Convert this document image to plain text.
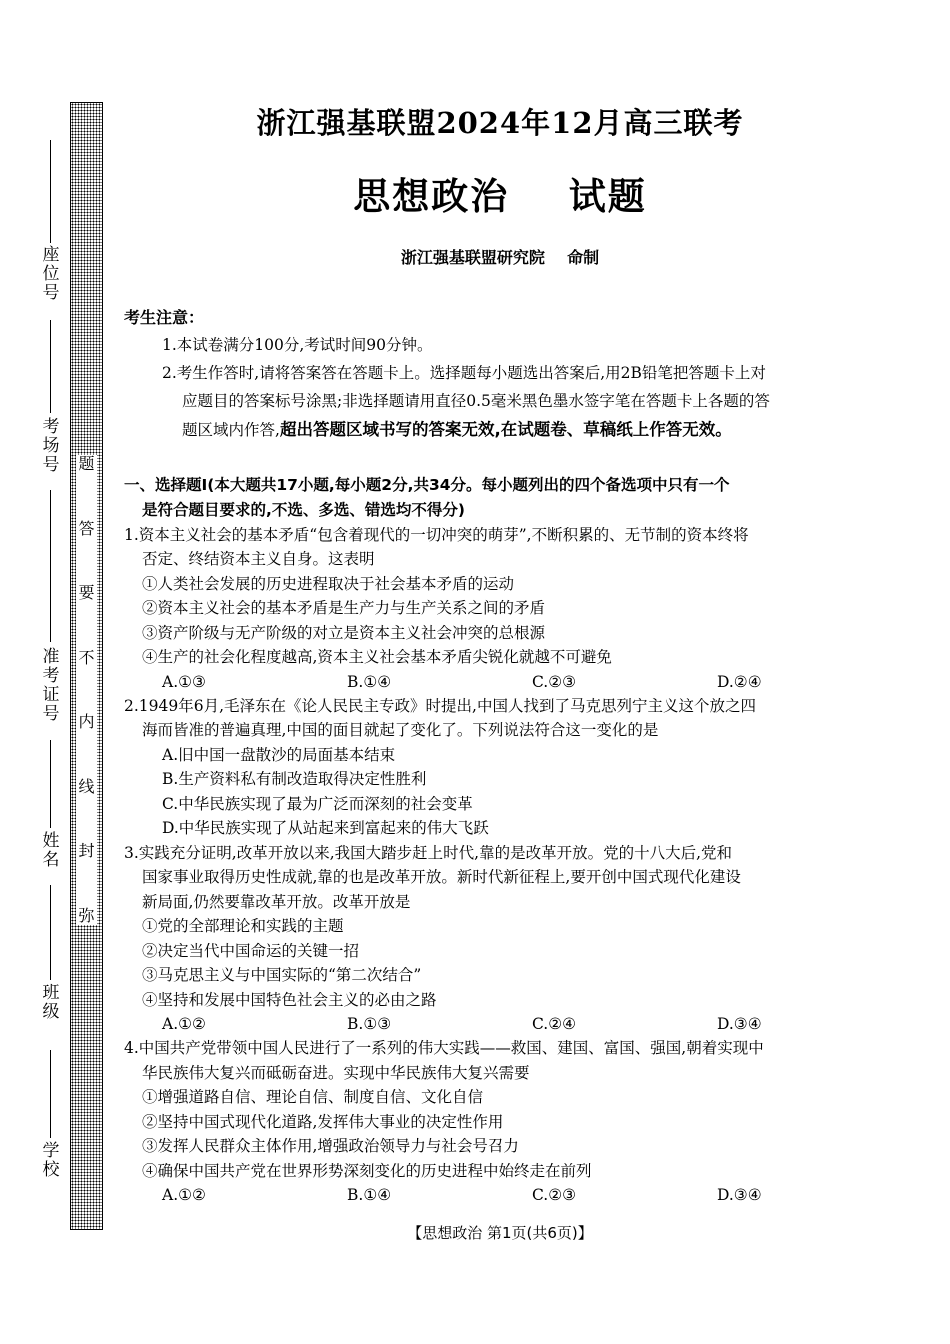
座位号
考场号
准考证号
姓名
班级
学校
题
答
要
不
内
线
封
弥
浙江强基联盟2024年12月高三联考
思想政治    试题
浙江强基联盟研究院    命制
考生注意：
1.本试卷满分100分,考试时间90分钟。
2.考生作答时,请将答案答在答题卡上。选择题每小题选出答案后,用2B铅笔把答题卡上对
应题目的答案标号涂黑;非选择题请用直径0.5毫米黑色墨水签字笔在答题卡上各题的答
题区域内作答,超出答题区域书写的答案无效,在试题卷、草稿纸上作答无效。
一、选择题Ⅰ(本大题共17小题,每小题2分,共34分。每小题列出的四个备选项中只有一个
是符合题目要求的,不选、多选、错选均不得分)
1.资本主义社会的基本矛盾“包含着现代的一切冲突的萌芽”,不断积累的、无节制的资本终将
否定、终结资本主义自身。这表明
①人类社会发展的历史进程取决于社会基本矛盾的运动
②资本主义社会的基本矛盾是生产力与生产关系之间的矛盾
③资产阶级与无产阶级的对立是资本主义社会冲突的总根源
④生产的社会化程度越高,资本主义社会基本矛盾尖锐化就越不可避免
A.①③	B.①④	C.②③	D.②④
2.1949年6月,毛泽东在《论人民民主专政》时提出,中国人找到了马克思列宁主义这个放之四
海而皆准的普遍真理,中国的面目就起了变化了。下列说法符合这一变化的是
A.旧中国一盘散沙的局面基本结束
B.生产资料私有制改造取得决定性胜利
C.中华民族实现了最为广泛而深刻的社会变革
D.中华民族实现了从站起来到富起来的伟大飞跃
3.实践充分证明,改革开放以来,我国大踏步赶上时代,靠的是改革开放。党的十八大后,党和
国家事业取得历史性成就,靠的也是改革开放。新时代新征程上,要开创中国式现代化建设
新局面,仍然要靠改革开放。改革开放是
①党的全部理论和实践的主题
②决定当代中国命运的关键一招
③马克思主义与中国实际的“第二次结合”
④坚持和发展中国特色社会主义的必由之路
A.①②	B.①③	C.②④	D.③④
4.中国共产党带领中国人民进行了一系列的伟大实践——救国、建国、富国、强国,朝着实现中
华民族伟大复兴而砥砺奋进。实现中华民族伟大复兴需要
①增强道路自信、理论自信、制度自信、文化自信
②坚持中国式现代化道路,发挥伟大事业的决定性作用
③发挥人民群众主体作用,增强政治领导力与社会号召力
④确保中国共产党在世界形势深刻变化的历史进程中始终走在前列
A.①②	B.①④	C.②③	D.③④
【思想政治 第1页(共6页)】
